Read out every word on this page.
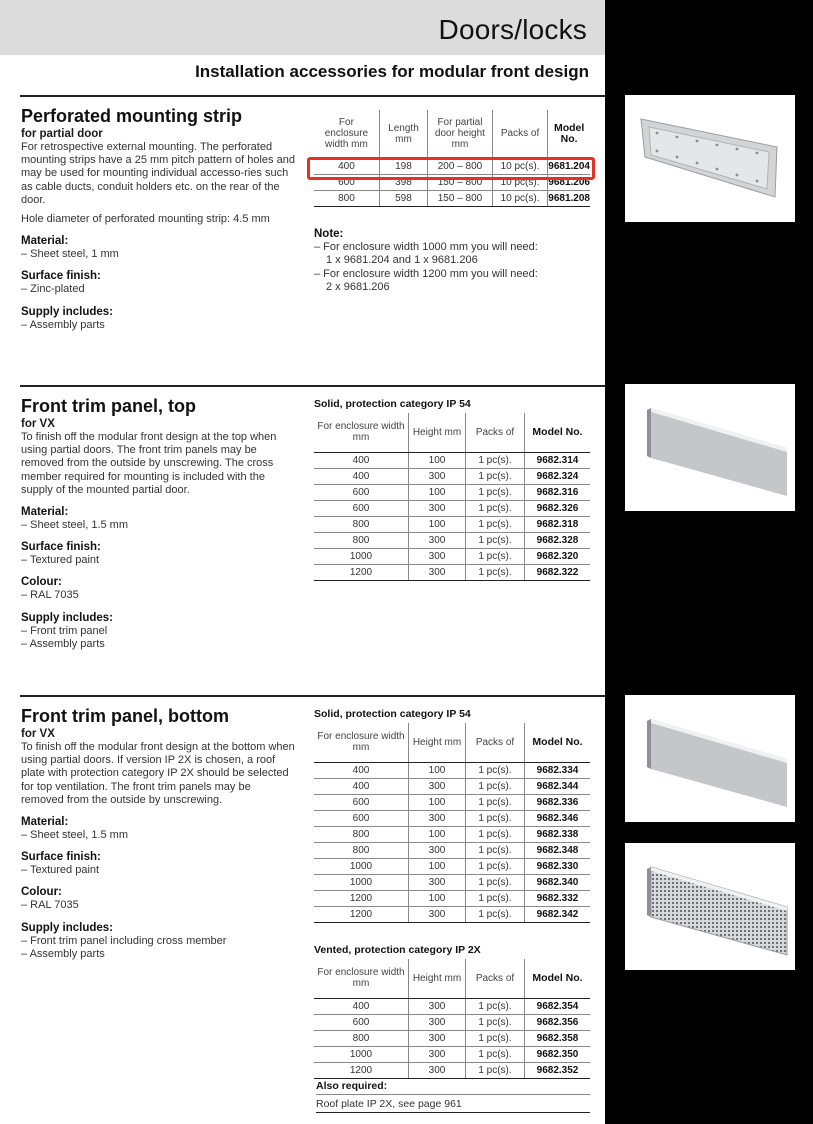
Doors/locks
Installation accessories for modular front design

Perforated mounting strip

for partial door

For retrospective external mounting. The perforated mounting strips have a 25 mm pitch pattern of holes and may be used for mounting individual accesso-ries such as cable ducts, conduit holders etc. on the rear of the door.

Hole diameter of perforated mounting strip: 4.5 mm

Material:

– Sheet steel, 1 mm

Surface finish:

– Zinc-plated

Supply includes:

– Assembly parts

For enclosure width mm	Length mm	For partial door height mm	Packs of	Model No.
400	198	200 – 800	10 pc(s).	9681.204
600	398	150 – 800	10 pc(s).	9681.206
800	598	150 – 800	10 pc(s).	9681.208
Note:
– For enclosure width 1000 mm you will need:
1 x 9681.204 and 1 x 9681.206
– For enclosure width 1200 mm you will need:
2 x 9681.206

Front trim panel, top

for VX

To finish off the modular front design at the top when using partial doors. The front trim panels may be removed from the outside by unscrewing. The cross member required for mounting is included with the supply of the mounted partial door.

Material:

– Sheet steel, 1.5 mm

Surface finish:

– Textured paint

Colour:

– RAL 7035

Supply includes:

– Front trim panel

– Assembly parts

Solid, protection category IP 54
For enclosure width mm	Height mm	Packs of	Model No.
400	100	1 pc(s).	9682.314
400	300	1 pc(s).	9682.324
600	100	1 pc(s).	9682.316
600	300	1 pc(s).	9682.326
800	100	1 pc(s).	9682.318
800	300	1 pc(s).	9682.328
1000	300	1 pc(s).	9682.320
1200	300	1 pc(s).	9682.322

Front trim panel, bottom

for VX

To finish off the modular front design at the bottom when using partial doors. If version IP 2X is chosen, a roof plate with protection category IP 2X should be selected for top ventilation. The front trim panels may be removed from the outside by unscrewing.

Material:

– Sheet steel, 1.5 mm

Surface finish:

– Textured paint

Colour:

– RAL 7035

Supply includes:

– Front trim panel including cross member

– Assembly parts

Solid, protection category IP 54
For enclosure width mm	Height mm	Packs of	Model No.
400	100	1 pc(s).	9682.334
400	300	1 pc(s).	9682.344
600	100	1 pc(s).	9682.336
600	300	1 pc(s).	9682.346
800	100	1 pc(s).	9682.338
800	300	1 pc(s).	9682.348
1000	100	1 pc(s).	9682.330
1000	300	1 pc(s).	9682.340
1200	100	1 pc(s).	9682.332
1200	300	1 pc(s).	9682.342
Vented, protection category IP 2X
For enclosure width mm	Height mm	Packs of	Model No.
400	300	1 pc(s).	9682.354
600	300	1 pc(s).	9682.356
800	300	1 pc(s).	9682.358
1000	300	1 pc(s).	9682.350
1200	300	1 pc(s).	9682.352
Also required:
Roof plate IP 2X, see page 961
